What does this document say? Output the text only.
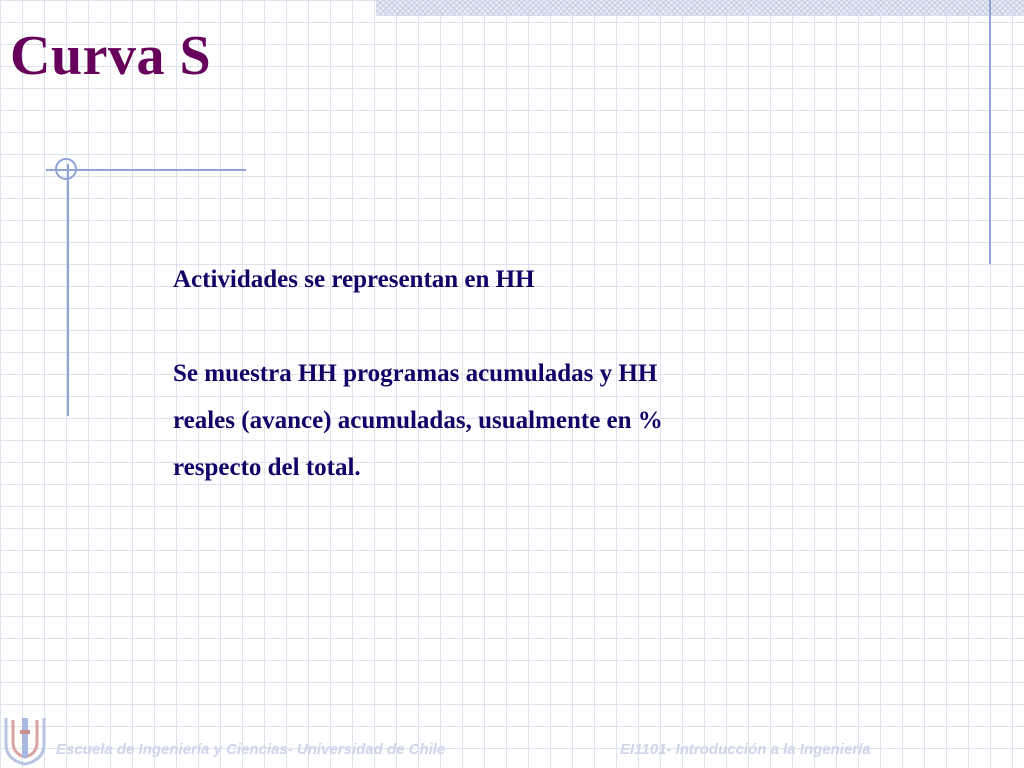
Curva S

Actividades se representan en HH

Se muestra HH programas acumuladas y HH

reales (avance) acumuladas, usualmente en %

respecto del total.

Escuela de Ingeniería y Ciencias- Universidad de Chile	EI1101- Introducción a la Ingeniería
